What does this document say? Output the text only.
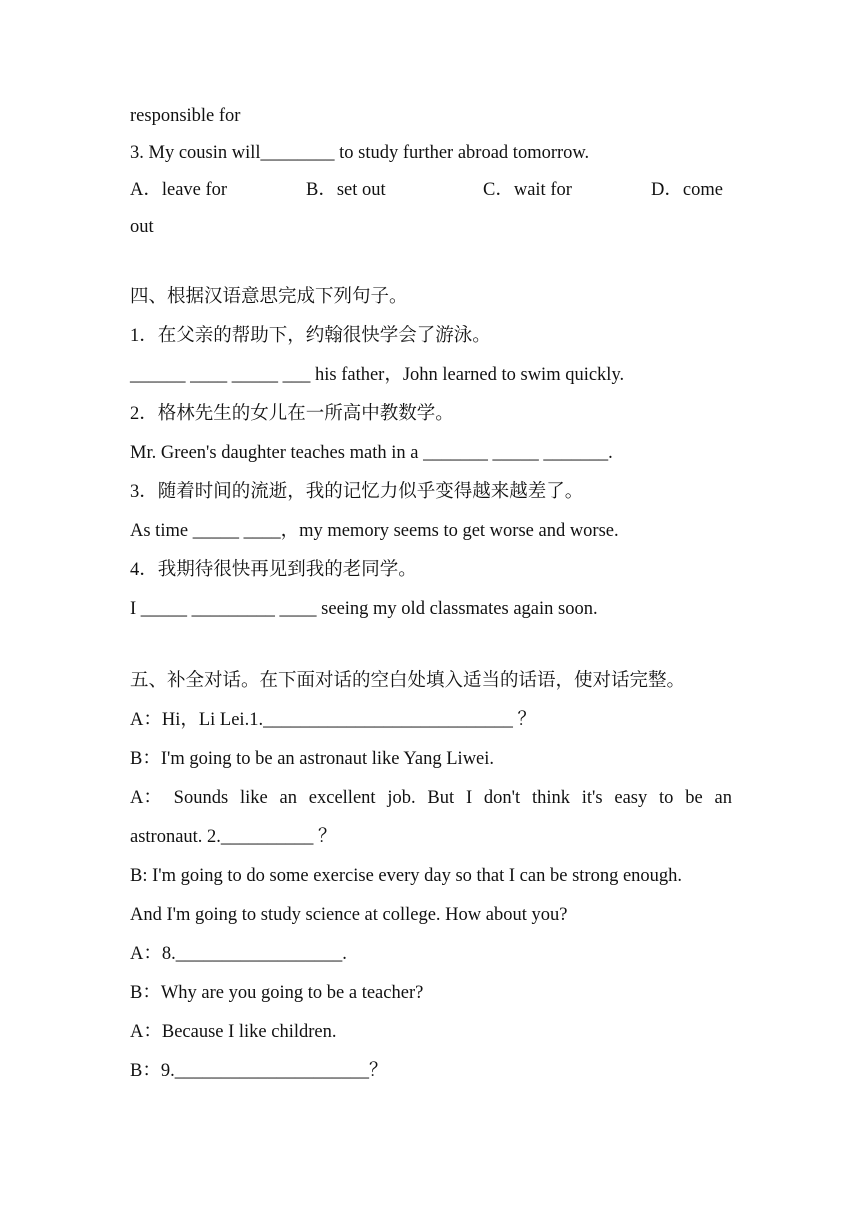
responsible for
3. My cousin will________ to study further abroad tomorrow.
A．leave for	B．set out	C．wait for	D．come
out
四、根据汉语意思完成下列句子。
1．在父亲的帮助下，约翰很快学会了游泳。
______ ____ _____ ___ his father，John learned to swim quickly.
2．格林先生的女儿在一所高中教数学。
Mr. Green's daughter teaches math in a _______ _____ _______.
3．随着时间的流逝，我的记忆力似乎变得越来越差了。
As time _____ ____，my memory seems to get worse and worse.
4．我期待很快再见到我的老同学。
I _____ _________ ____ seeing my old classmates again soon.
五、补全对话。在下面对话的空白处填入适当的话语，使对话完整。
A：Hi，Li Lei.1.___________________________ ？
B：I'm going to be an astronaut like Yang Liwei.
A： Sounds like an excellent job. But I don't think it's easy to be an
astronaut. 2.__________ ？
B: I'm going to do some exercise every day so that I can be strong enough.
And I'm going to study science at college. How about you?
A：8.__________________.
B：Why are you going to be a teacher?
A：Because I like children.
B：9._____________________？
